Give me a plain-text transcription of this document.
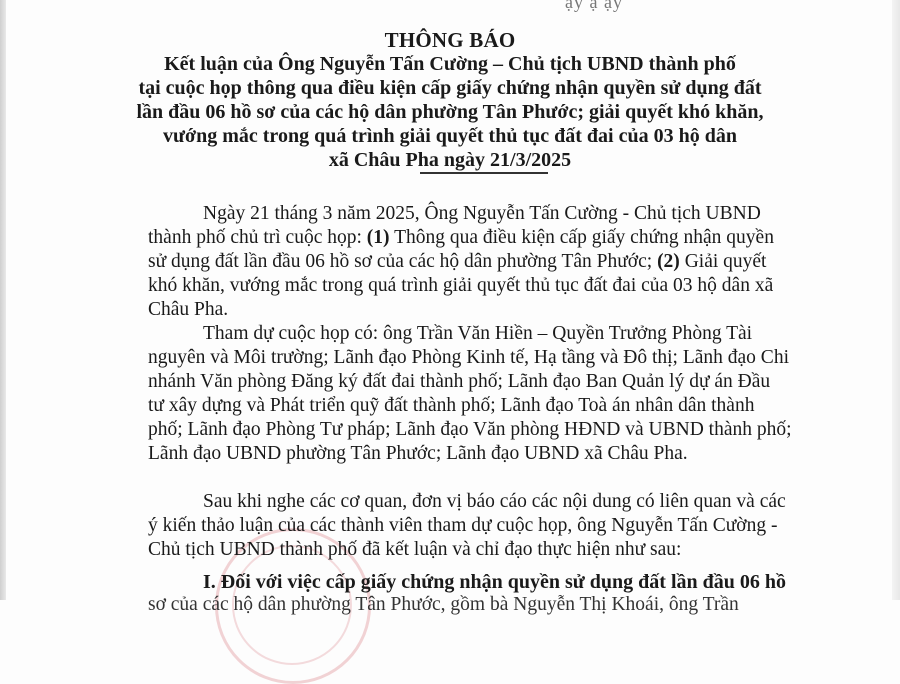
ạy ạ ạy
THÔNG BÁO
Kết luận của Ông Nguyễn Tấn Cường – Chủ tịch UBND thành phố
tại cuộc họp thông qua điều kiện cấp giấy chứng nhận quyền sử dụng đất
lần đầu 06 hồ sơ của các hộ dân phường Tân Phước; giải quyết khó khăn,
vướng mắc trong quá trình giải quyết thủ tục đất đai của 03 hộ dân
xã Châu Pha ngày 21/3/2025
Ngày 21 tháng 3 năm 2025, Ông Nguyễn Tấn Cường - Chủ tịch UBND
thành phố chủ trì cuộc họp: (1) Thông qua điều kiện cấp giấy chứng nhận quyền
sử dụng đất lần đầu 06 hồ sơ của các hộ dân phường Tân Phước; (2) Giải quyết
khó khăn, vướng mắc trong quá trình giải quyết thủ tục đất đai của 03 hộ dân xã
Châu Pha.
Tham dự cuộc họp có: ông Trần Văn Hiền – Quyền Trưởng Phòng Tài
nguyên và Môi trường; Lãnh đạo Phòng Kinh tế, Hạ tầng và Đô thị; Lãnh đạo Chi
nhánh Văn phòng Đăng ký đất đai thành phố; Lãnh đạo Ban Quản lý dự án Đầu
tư xây dựng và Phát triển quỹ đất thành phố; Lãnh đạo Toà án nhân dân thành
phố; Lãnh đạo Phòng Tư pháp; Lãnh đạo Văn phòng HĐND và UBND thành phố;
Lãnh đạo UBND phường Tân Phước; Lãnh đạo UBND xã Châu Pha.
Sau khi nghe các cơ quan, đơn vị báo cáo các nội dung có liên quan và các
ý kiến thảo luận của các thành viên tham dự cuộc họp, ông Nguyễn Tấn Cường -
Chủ tịch UBND thành phố đã kết luận và chỉ đạo thực hiện như sau:
I. Đối với việc cấp giấy chứng nhận quyền sử dụng đất lần đầu 06 hồ
sơ của các hộ dân phường Tân Phước, gồm bà Nguyễn Thị Khoái, ông Trần
